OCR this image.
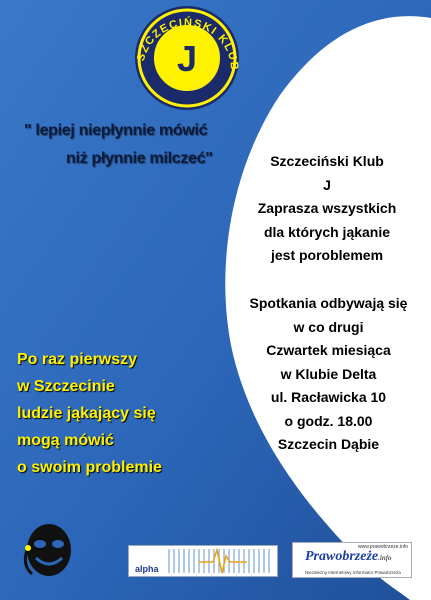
SZCZECIŃSKI KLUB
J
" lepiej niepłynnie mówić
niż płynnie milczeć"
Po raz pierwszy
w Szczecinie
ludzie jąkający się
mogą mówić
o swoim problemie
Szczeciński Klub
J
Zaprasza wszystkich
dla których jąkanie
jest poroblemem
Spotkania odbywają się
w co drugi
Czwartek miesiąca
w Klubie Delta
ul. Racławicka 10
o godz. 18.00
Szczecin Dąbie
alpha
www.prawobrzeze.info
Prawobrzeże.info
Niezależny Internetowy Informator Prawobrzeża
